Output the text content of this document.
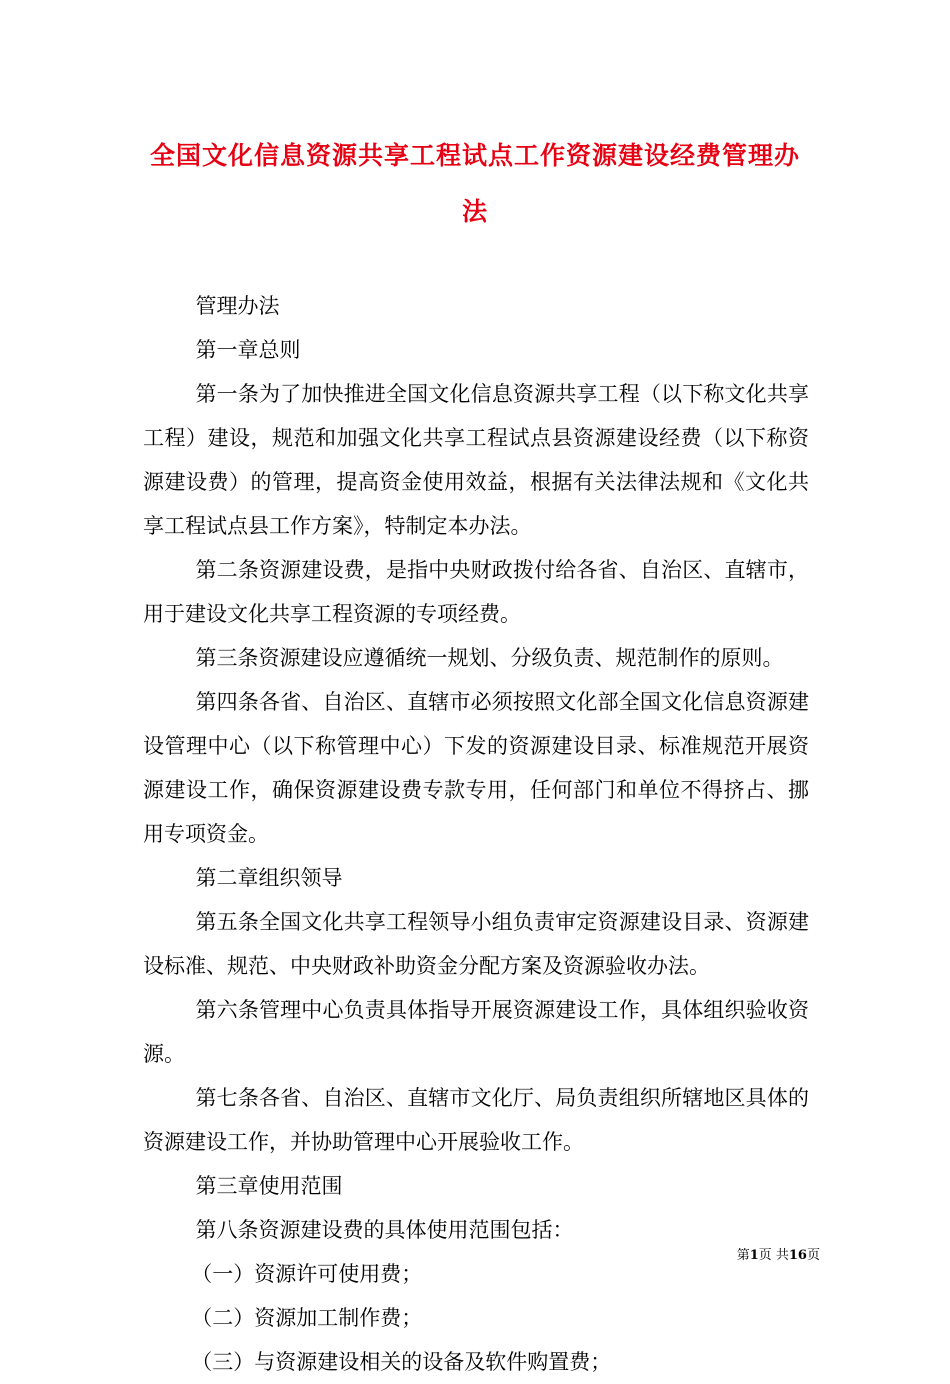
全国文化信息资源共享工程试点工作资源建设经费管理办
法

管理办法

第一章总则

第一条为了加快推进全国文化信息资源共享工程（以下称文化共享工程）建设，规范和加强文化共享工程试点县资源建设经费（以下称资源建设费）的管理，提高资金使用效益，根据有关法律法规和《文化共享工程试点县工作方案》，特制定本办法。

第二条资源建设费，是指中央财政拨付给各省、自治区、直辖市，用于建设文化共享工程资源的专项经费。

第三条资源建设应遵循统一规划、分级负责、规范制作的原则。

第四条各省、自治区、直辖市必须按照文化部全国文化信息资源建设管理中心（以下称管理中心）下发的资源建设目录、标准规范开展资源建设工作，确保资源建设费专款专用，任何部门和单位不得挤占、挪用专项资金。

第二章组织领导

第五条全国文化共享工程领导小组负责审定资源建设目录、资源建设标准、规范、中央财政补助资金分配方案及资源验收办法。

第六条管理中心负责具体指导开展资源建设工作，具体组织验收资源。

第七条各省、自治区、直辖市文化厅、局负责组织所辖地区具体的资源建设工作，并协助管理中心开展验收工作。

第三章使用范围

第八条资源建设费的具体使用范围包括：

（一）资源许可使用费；

（二）资源加工制作费；

（三）与资源建设相关的设备及软件购置费；

第1页 共16页
